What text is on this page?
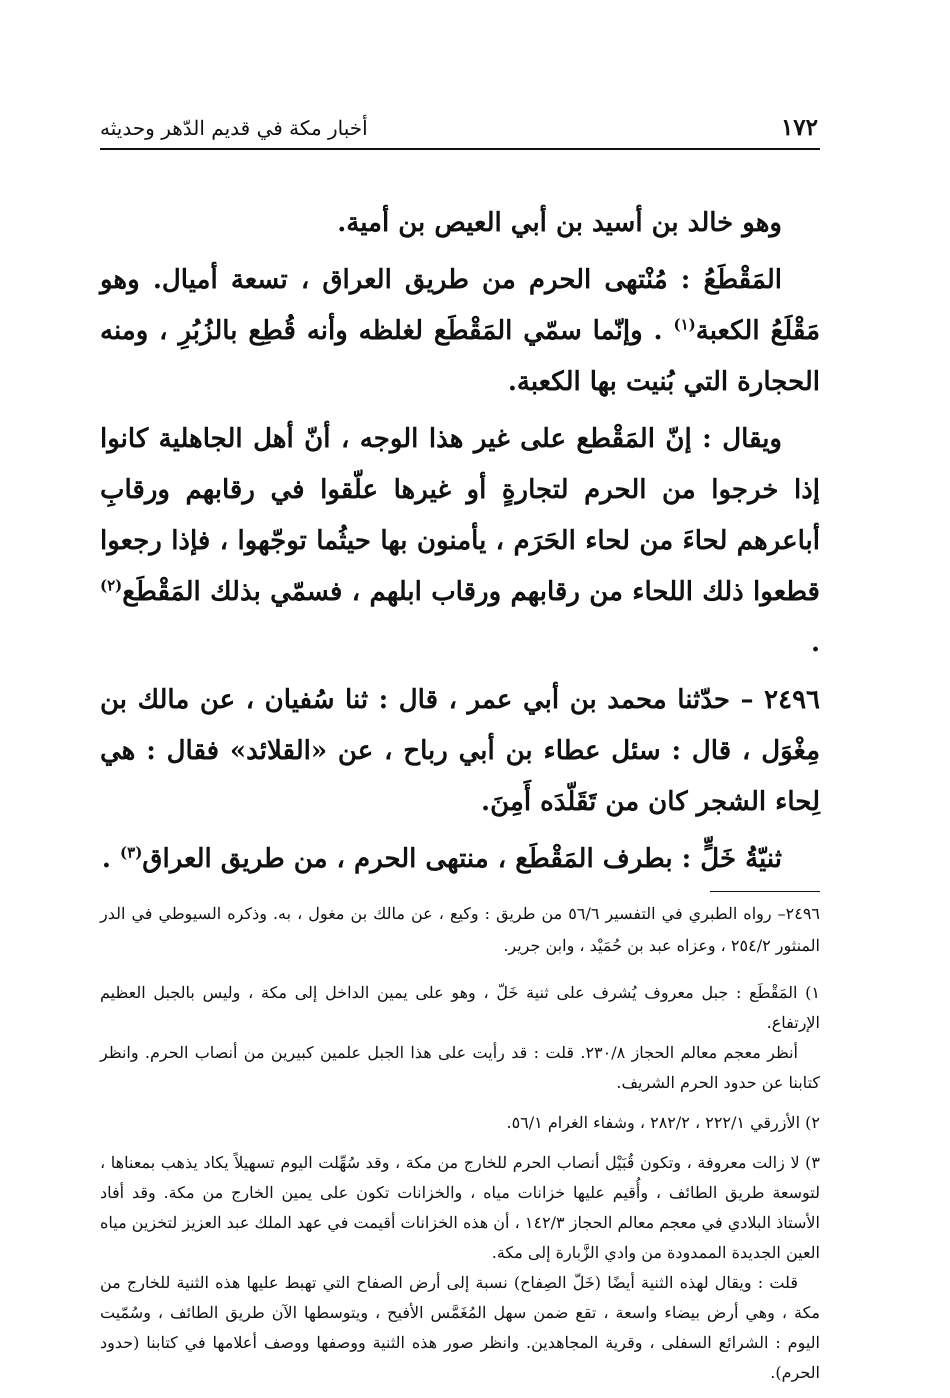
١٧٢
أخبار مكة في قديم الدّهر وحديثه

وهو خالد بن أسيد بن أبي العيص بن أمية.

المَقْطَعُ : مُنْتهى الحرم من طريق العراق ، تسعة أميال. وهو مَقْلَعُ الكعبة$^{(١)}$ . وإنّما سمّي المَقْطَع لغلظه وأنه قُطِع بالزُبُرِ ، ومنه الحجارة التي بُنيت بها الكعبة.

ويقال : إنّ المَقْطع على غير هذا الوجه ، أنّ أهل الجاهلية كانوا إذا خرجوا من الحرم لتجارةٍ أو غيرها علّقوا في رقابهم ورقابِ أباعرهم لحاءَ من لحاء الحَرَم ، يأمنون بها حيثُما توجّهوا ، فإذا رجعوا قطعوا ذلك اللحاء من رقابهم ورقاب ابلهم ، فسمّي بذلك المَقْطَع$^{(٢)}$ .

٢٤٩٦ – حدّثنا محمد بن أبي عمر ، قال : ثنا سُفيان ، عن مالك بن مِغْوَل ، قال : سئل عطاء بن أبي رباح ، عن «القلائد» فقال : هي لِحاء الشجر كان من تَقَلّدَه أَمِنَ.

ثنيّةُ خَلٍّ : بطرف المَقْطَع ، منتهى الحرم ، من طريق العراق$^{(٣)}$ .

٢٤٩٦– رواه الطبري في التفسير ٥٦/٦ من طريق : وكيع ، عن مالك بن مغول ، به. وذكره السيوطي في الدر المنثور ٢٥٤/٢ ، وعزاه عبد بن حُمَيْد ، وابن جرير.

١) المَقْطَع : جبل معروف يُشرف على ثنية خَلّ ، وهو على يمين الداخل إلى مكة ، وليس بالجبل العظيم الإرتفاع.

أنظر معجم معالم الحجاز ٢٣٠/٨. قلت : قد رأيت على هذا الجبل علمين كبيرين من أنصاب الحرم. وانظر كتابنا عن حدود الحرم الشريف.

٢) الأزرقي ٢٢٢/١ ، ٢٨٢/٢ ، وشفاء الغرام ٥٦/١.

٣) لا زالت معروفة ، وتكون قُبَيْل أنصاب الحرم للخارج من مكة ، وقد سُهِّلت اليوم تسهيلاً يكاد يذهب بمعناها ، لتوسعة طريق الطائف ، وأُقيم عليها خزانات مياه ، والخزانات تكون على يمين الخارج من مكة. وقد أفاد الأستاذ البلادي في معجم معالم الحجاز ١٤٢/٣ ، أن هذه الخزانات أقيمت في عهد الملك عبد العزيز لتخزين مياه العين الجديدة الممدودة من وادي الزَّبارة إلى مكة.

قلت : ويقال لهذه الثنية أيضًا (خَلّ الصِفاح) نسبة إلى أرض الصفاح التي تهبط عليها هذه الثنية للخارج من مكة ، وهي أرض بيضاء واسعة ، تقع ضمن سهل المُغَمَّس الأفيح ، ويتوسطها الآن طريق الطائف ، وسُمّيت اليوم : الشرائع السفلى ، وقرية المجاهدين. وانظر صور هذه الثنية ووصفها ووصف أعلامها في كتابنا (حدود الحرم).
